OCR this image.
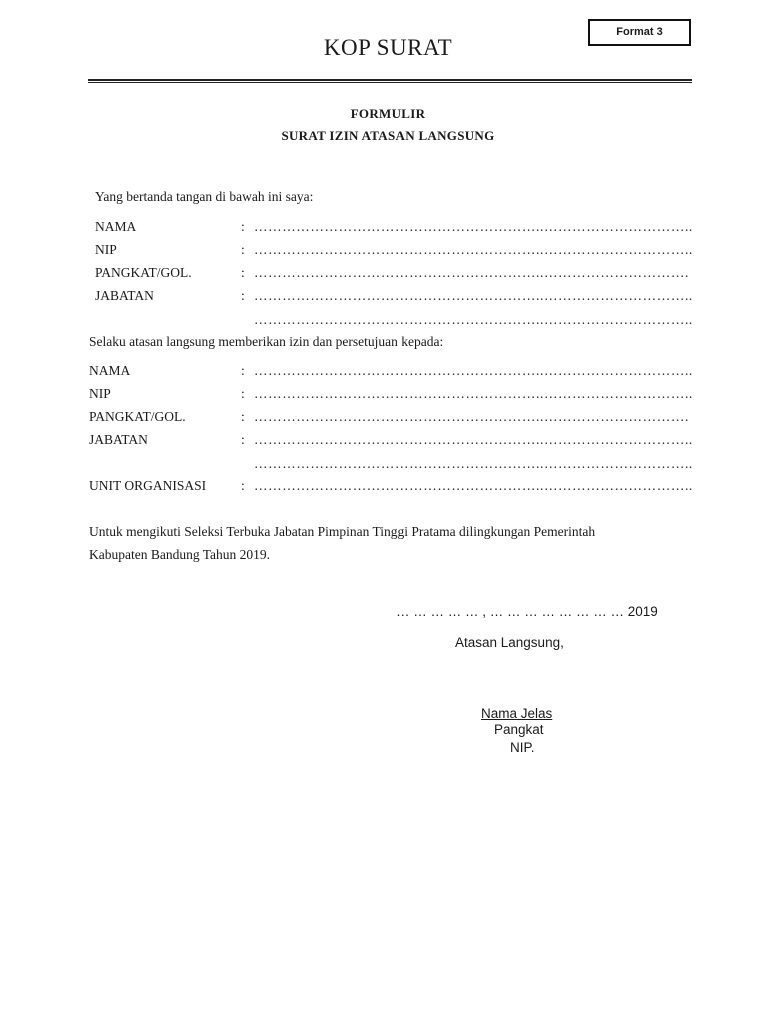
Format 3
KOP SURAT
FORMULIR
SURAT IZIN ATASAN LANGSUNG
Yang bertanda tangan di bawah ini saya:
NAMA	: ……………………………………………………..…………………………..
NIP	: ……………………………………………………..…………………………..
PANGKAT/GOL.	: ……………………………………………………..………………………….
JABATAN	: ……………………………………………………..…………………………..
……………………………………………………..…………………………..
Selaku atasan langsung memberikan izin dan persetujuan kepada:
NAMA	: ……………………………………………………..…………………………..
NIP	: ……………………………………………………..…………………………..
PANGKAT/GOL.	: ……………………………………………………..………………………….
JABATAN	: ……………………………………………………..…………………………..
……………………………………………………..…………………………..
UNIT ORGANISASI	: ……………………………………………………..…………………………..
Untuk mengikuti Seleksi Terbuka Jabatan Pimpinan Tinggi Pratama dilingkungan Pemerintah
Kabupaten Bandung Tahun 2019.
… … … … … , … … … … … … … … 2019
Atasan Langsung,
Nama Jelas
Pangkat
NIP.
